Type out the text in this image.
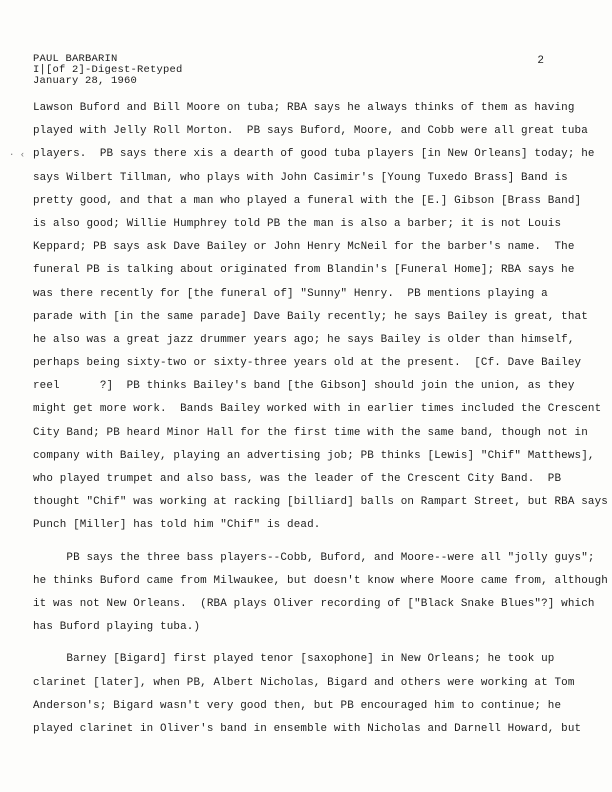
· ‹
PAUL BARBARIN
I∣[of 2]-Digest-Retyped
January 28, 1960
2
Lawson Buford and Bill Moore on tuba; RBA says he always thinks of them as having
played with Jelly Roll Morton.  PB says Buford, Moore, and Cobb were all great tuba
players.  PB says there xis a dearth of good tuba players [in New Orleans] today; he
says Wilbert Tillman, who plays with John Casimir's [Young Tuxedo Brass] Band is
pretty good, and that a man who played a funeral with the [E.] Gibson [Brass Band]
is also good; Willie Humphrey told PB the man is also a barber; it is not Louis
Keppard; PB says ask Dave Bailey or John Henry McNeil for the barber's name.  The
funeral PB is talking about originated from Blandin's [Funeral Home]; RBA says he
was there recently for [the funeral of] "Sunny" Henry.  PB mentions playing a
parade with [in the same parade] Dave Baily recently; he says Bailey is great, that
he also was a great jazz drummer years ago; he says Bailey is older than himself,
perhaps being sixty-two or sixty-three years old at the present.  [Cf. Dave Bailey
reel      ?]  PB thinks Bailey's band [the Gibson] should join the union, as they
might get more work.  Bands Bailey worked with in earlier times included the Crescent
City Band; PB heard Minor Hall for the first time with the same band, though not in
company with Bailey, playing an advertising job; PB thinks [Lewis] "Chif" Matthews],
who played trumpet and also bass, was the leader of the Crescent City Band.  PB
thought "Chif" was working at racking [billiard] balls on Rampart Street, but RBA says
Punch [Miller] has told him "Chif" is dead.
PB says the three bass players--Cobb, Buford, and Moore--were all "jolly guys";
he thinks Buford came from Milwaukee, but doesn't know where Moore came from, although
it was not New Orleans.  (RBA plays Oliver recording of ["Black Snake Blues"?] which
has Buford playing tuba.)
Barney [Bigard] first played tenor [saxophone] in New Orleans; he took up
clarinet [later], when PB, Albert Nicholas, Bigard and others were working at Tom
Anderson's; Bigard wasn't very good then, but PB encouraged him to continue; he
played clarinet in Oliver's band in ensemble with Nicholas and Darnell Howard, but
